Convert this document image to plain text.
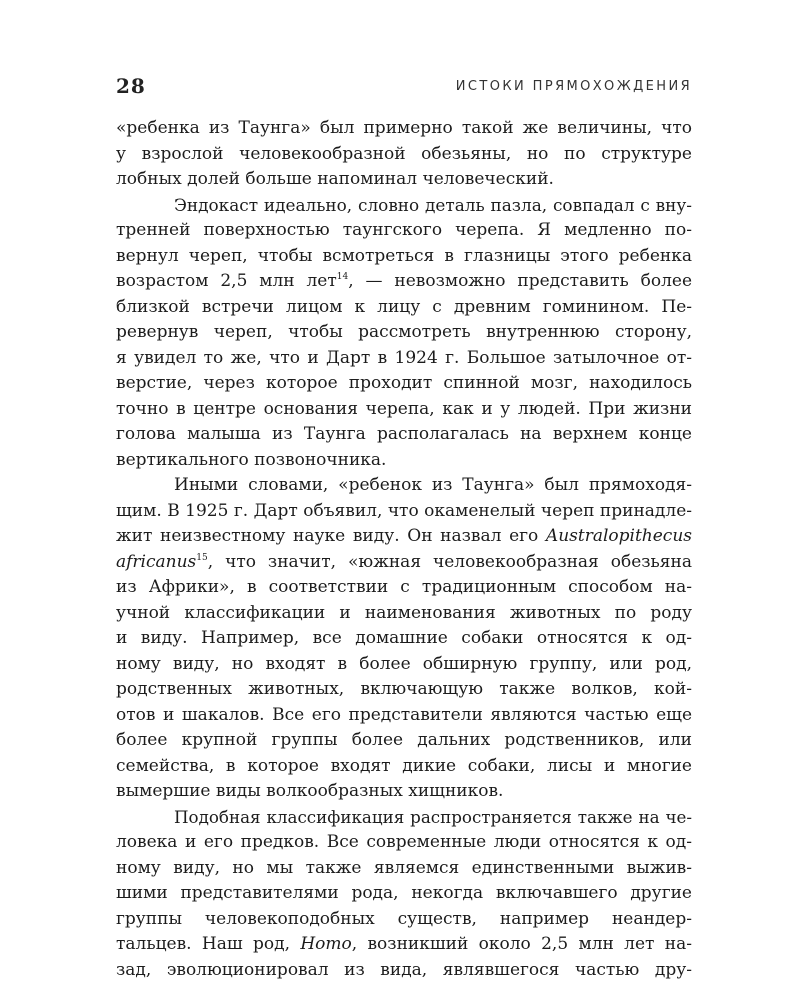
28	ИСТОКИ ПРЯМОХОЖДЕНИЯ
«ребенка из Таунга» был примерно такой же величины, что
у взрослой человекообразной обезьяны, но по структуре
лобных долей больше напоминал человеческий.
Эндокаст идеально, словно деталь пазла, совпадал с вну-
тренней поверхностью таунгского черепа. Я медленно по-
вернул череп, чтобы всмотреться в глазницы этого ребенка
возрастом 2,5 млн лет$^{14}$, — невозможно представить более
близкой встречи лицом к лицу с древним гоминином. Пе-
ревернув череп, чтобы рассмотреть внутреннюю сторону,
я увидел то же, что и Дарт в 1924 г. Большое затылочное от-
верстие, через которое проходит спинной мозг, находилось
точно в центре основания черепа, как и у людей. При жизни
голова малыша из Таунга располагалась на верхнем конце
вертикального позвоночника.
Иными словами, «ребенок из Таунга» был прямоходя-
щим. В 1925 г. Дарт объявил, что окаменелый череп принадле-
жит неизвестному науке виду. Он назвал его Australopithecus
africanus$^{15}$, что значит, «южная человекообразная обезьяна
из Африки», в соответствии с традиционным способом на-
учной классификации и наименования животных по роду
и виду. Например, все домашние собаки относятся к од-
ному виду, но входят в более обширную группу, или род,
родственных животных, включающую также волков, кой-
отов и шакалов. Все его представители являются частью еще
более крупной группы более дальних родственников, или
семейства, в которое входят дикие собаки, лисы и многие
вымершие виды волкообразных хищников.
Подобная классификация распространяется также на че-
ловека и его предков. Все современные люди относятся к од-
ному виду, но мы также являемся единственными выжив-
шими представителями рода, некогда включавшего другие
группы человекоподобных существ, например неандер-
тальцев. Наш род, Homo, возникший около 2,5 млн лет на-
зад, эволюционировал из вида, являвшегося частью дру-
